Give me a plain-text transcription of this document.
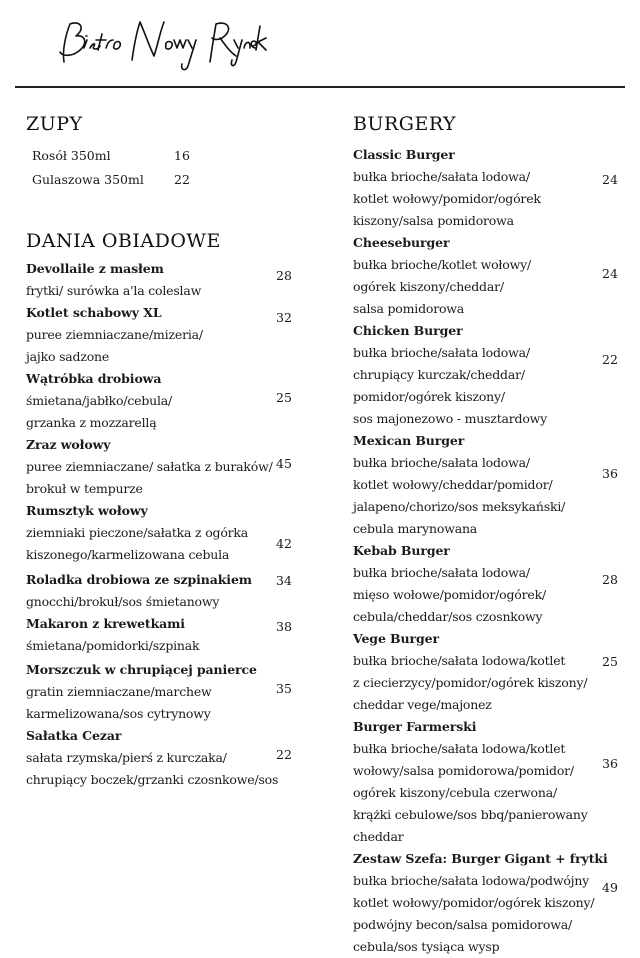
ZUPY
Rosół 350ml	16
Gulaszowa 350ml 22
DANIA OBIADOWE
Devollaile z masłem
frytki/ surówka a'la coleslaw
28
Kotlet schabowy XL
puree ziemniaczane/mizeria/
jajko sadzone
32
Wątróbka drobiowa
śmietana/jabłko/cebula/
grzanka z mozzarellą
25
Zraz wołowy
puree ziemniaczane/ sałatka z buraków/
brokuł w tempurze
45
Rumsztyk wołowy
ziemniaki pieczone/sałatka z ogórka
kiszonego/karmelizowana cebula
42
Roladka drobiowa ze szpinakiem
gnocchi/brokuł/sos śmietanowy
34
Makaron z krewetkami
śmietana/pomidorki/szpinak
38
Morszczuk w chrupiącej panierce
gratin ziemniaczane/marchew
karmelizowana/sos cytrynowy
35
Sałatka Cezar
sałata rzymska/pierś z kurczaka/
chrupiący boczek/grzanki czosnkowe/sos
22
BURGERY
Classic Burger
bułka brioche/sałata lodowa/
kotlet wołowy/pomidor/ogórek
kiszony/salsa pomidorowa
24
Cheeseburger
bułka brioche/kotlet wołowy/
ogórek kiszony/cheddar/
salsa pomidorowa
24
Chicken Burger
bułka brioche/sałata lodowa/
chrupiący kurczak/cheddar/
pomidor/ogórek kiszony/
sos majonezowo - musztardowy
22
Mexican Burger
bułka brioche/sałata lodowa/
kotlet wołowy/cheddar/pomidor/
jalapeno/chorizo/sos meksykański/
cebula marynowana
36
Kebab Burger
bułka brioche/sałata lodowa/
mięso wołowe/pomidor/ogórek/
cebula/cheddar/sos czosnkowy
28
Vege Burger
bułka brioche/sałata lodowa/kotlet
z ciecierzycy/pomidor/ogórek kiszony/
cheddar vege/majonez
25
Burger Farmerski
bułka brioche/sałata lodowa/kotlet
wołowy/salsa pomidorowa/pomidor/
ogórek kiszony/cebula czerwona/
krążki cebulowe/sos bbq/panierowany
cheddar
36
Zestaw Szefa: Burger Gigant + frytki
bułka brioche/sałata lodowa/podwójny
kotlet wołowy/pomidor/ogórek kiszony/
podwójny becon/salsa pomidorowa/
cebula/sos tysiąca wysp
49
